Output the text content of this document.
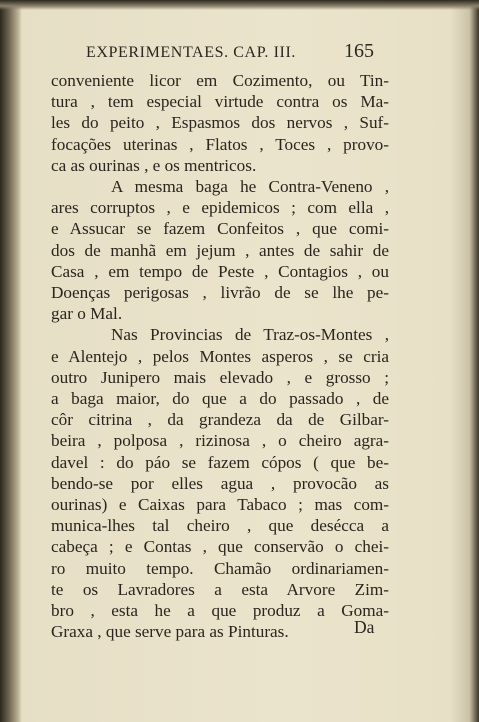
EXPERIMENTAES. CAP. III. 165
conveniente licor em Cozimento, ou Tin-
tura , tem especial virtude contra os Ma-
les do peito , Espasmos dos nervos , Suf-
focações uterinas , Flatos , Toces , provo-
ca as ourinas , e os mentricos.
A mesma baga he Contra-Veneno ,
ares corruptos , e epidemicos ; com ella ,
e Assucar se fazem Confeitos , que comi-
dos de manhã em jejum , antes de sahir de
Casa , em tempo de Peste , Contagios , ou
Doenças perigosas , livrão de se lhe pe-
gar o Mal.
Nas Provincias de Traz-os-Montes ,
e Alentejo , pelos Montes asperos , se cria
outro Junipero mais elevado , e grosso ;
a baga maior, do que a do passado , de
côr citrina , da grandeza da de Gilbar-
beira , polposa , rizinosa , o cheiro agra-
davel : do páo se fazem cópos ( que be-
bendo-se por elles agua , provocão as
ourinas) e Caixas para Tabaco ; mas com-
munica-lhes tal cheiro , que desécca a
cabeça ; e Contas , que conservão o chei-
ro muito tempo. Chamão ordinariamen-
te os Lavradores a esta Arvore Zim-
bro , esta he a que produz a Goma-
Graxa , que serve para as Pinturas.	Da
